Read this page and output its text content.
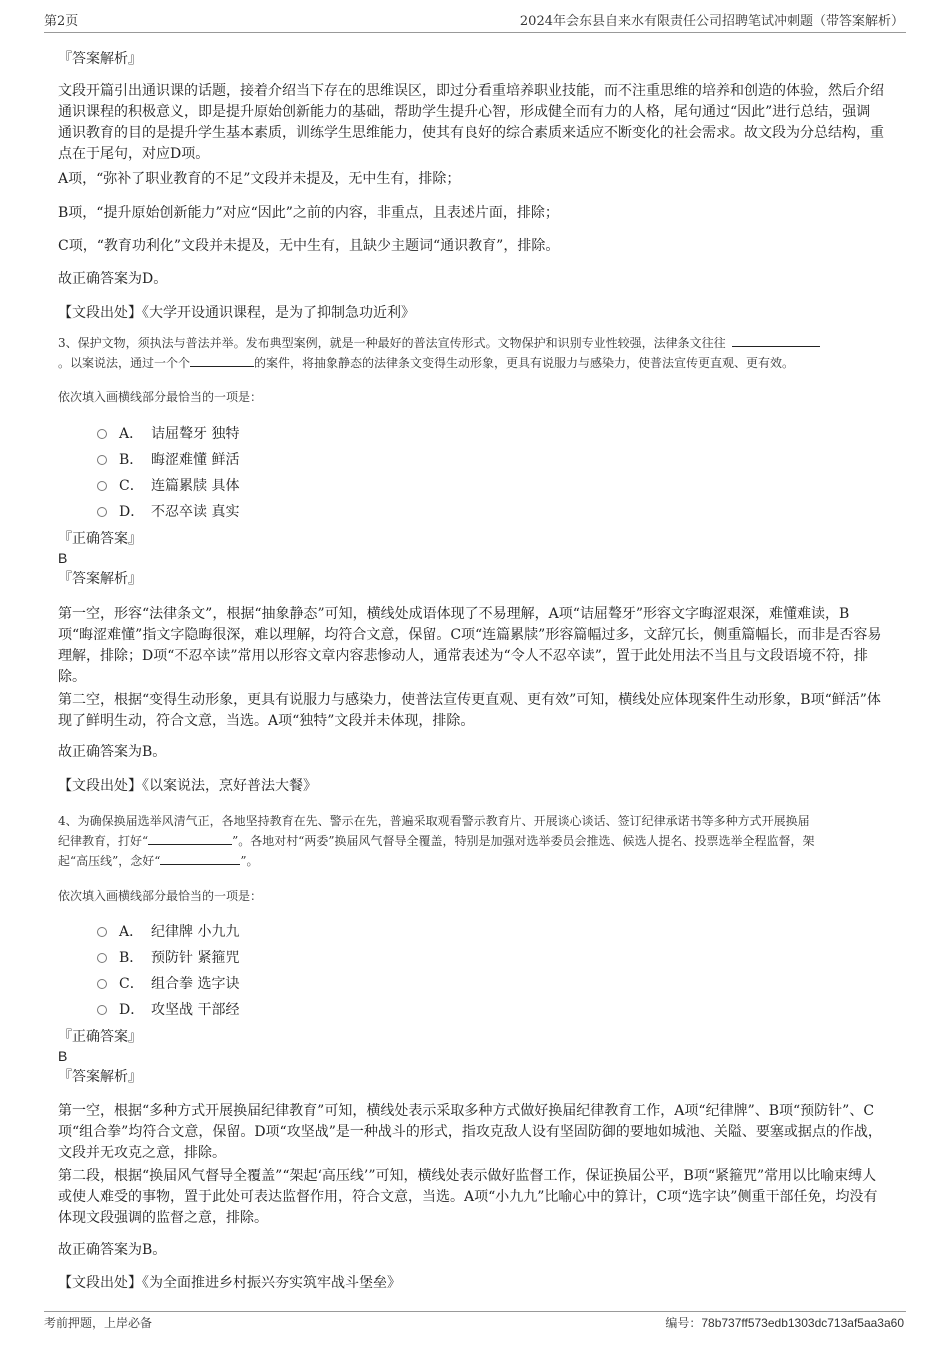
第2页	2024年会东县自来水有限责任公司招聘笔试冲刺题（带答案解析）
『答案解析』
文段开篇引出通识课的话题，接着介绍当下存在的思维误区，即过分看重培养职业技能，而不注重思维的培养和创造的体验，然后介绍通识课程的积极意义，即是提升原始创新能力的基础，帮助学生提升心智，形成健全而有力的人格，尾句通过“因此”进行总结，强调通识教育的目的是提升学生基本素质，训练学生思维能力，使其有良好的综合素质来适应不断变化的社会需求。故文段为分总结构，重点在于尾句，对应D项。
A项，“弥补了职业教育的不足”文段并未提及，无中生有，排除；
B项，“提升原始创新能力”对应“因此”之前的内容，非重点，且表述片面，排除；
C项，“教育功利化”文段并未提及，无中生有，且缺少主题词“通识教育”，排除。
故正确答案为D。
【文段出处】《大学开设通识课程，是为了抑制急功近利》
3、保护文物，须执法与普法并举。发布典型案例，就是一种最好的普法宣传形式。文物保护和识别专业性较强，法律条文往往
。以案说法，通过一个个	的案件，将抽象静态的法律条文变得生动形象，更具有说服力与感染力，使普法宣传更直观、更有效。
依次填入画横线部分最恰当的一项是：
A． 诘屈聱牙 独特
B． 晦涩难懂 鲜活
C． 连篇累牍 具体
D． 不忍卒读 真实
『正确答案』
B
『答案解析』
第一空，形容“法律条文”，根据“抽象静态”可知，横线处成语体现了不易理解，A项“诘屈聱牙”形容文字晦涩艰深，难懂难读，B项“晦涩难懂”指文字隐晦很深，难以理解，均符合文意，保留。C项“连篇累牍”形容篇幅过多，文辞冗长，侧重篇幅长，而非是否容易理解，排除；D项“不忍卒读”常用以形容文章内容悲惨动人，通常表述为“令人不忍卒读”，置于此处用法不当且与文段语境不符，排除。
第二空，根据“变得生动形象，更具有说服力与感染力，使普法宣传更直观、更有效”可知，横线处应体现案件生动形象，B项“鲜活”体现了鲜明生动，符合文意，当选。A项“独特”文段并未体现，排除。
故正确答案为B。
【文段出处】《以案说法，烹好普法大餐》
4、为确保换届选举风清气正，各地坚持教育在先、警示在先，普遍采取观看警示教育片、开展谈心谈话、签订纪律承诺书等多种方式开展换届
纪律教育，打好“	”。各地对村“两委”换届风气督导全覆盖，特别是加强对选举委员会推选、候选人提名、投票选举全程监督，架
起“高压线”，念好“	”。
依次填入画横线部分最恰当的一项是：
A． 纪律牌 小九九
B． 预防针 紧箍咒
C． 组合拳 选字诀
D． 攻坚战 干部经
『正确答案』
B
『答案解析』
第一空，根据“多种方式开展换届纪律教育”可知，横线处表示采取多种方式做好换届纪律教育工作，A项“纪律牌”、B项“预防针”、C项“组合拳”均符合文意，保留。D项“攻坚战”是一种战斗的形式，指攻克敌人设有坚固防御的要地如城池、关隘、要塞或据点的作战，文段并无攻克之意，排除。
第二段，根据“换届风气督导全覆盖”“架起‘高压线’”可知，横线处表示做好监督工作，保证换届公平，B项“紧箍咒”常用以比喻束缚人或使人难受的事物，置于此处可表达监督作用，符合文意，当选。A项“小九九”比喻心中的算计，C项“选字诀”侧重干部任免，均没有体现文段强调的监督之意，排除。
故正确答案为B。
【文段出处】《为全面推进乡村振兴夯实筑牢战斗堡垒》
考前押题，上岸必备	编号：78b737ff573edb1303dc713af5aa3a60
